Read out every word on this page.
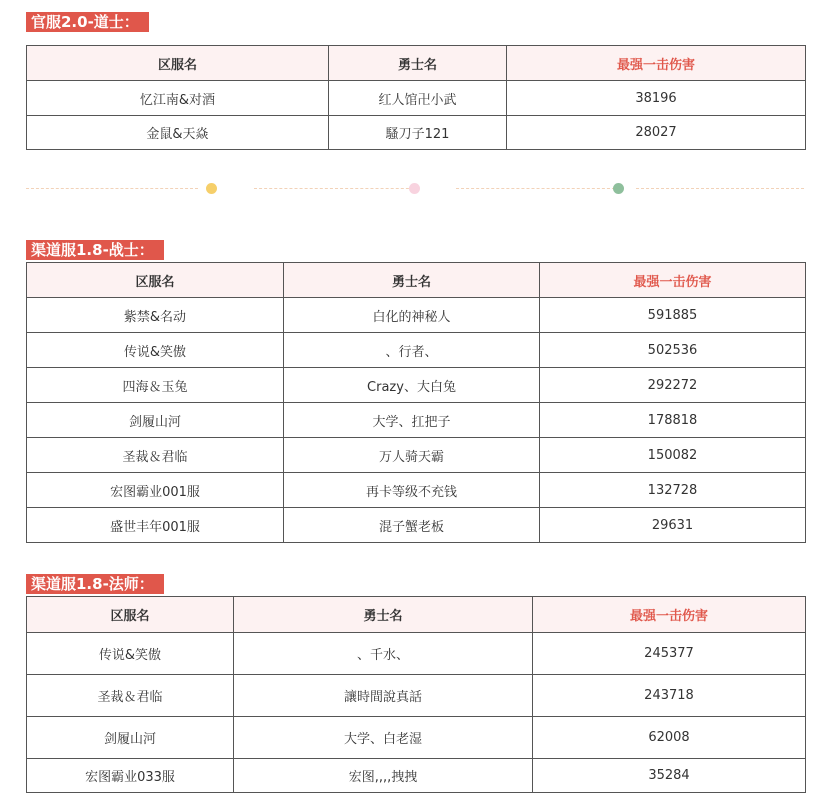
官服2.0-道士：
区服名	勇士名	最强一击伤害
忆江南&对酒	红人馆卍小武	38196
金鼠&天焱	騷刀子121	28027
渠道服1.8-战士：
区服名	勇士名	最强一击伤害
紫禁&名动	白化的神秘人	591885
传说&笑傲	、行者、	502536
四海＆玉兔	Crazy、大白兔	292272
剑履山河	大学、扛把子	178818
圣裁＆君临	万人骑天霸	150082
宏图霸业001服	再卡等级不充钱	132728
盛世丰年001服	混子蟹老板	29631
渠道服1.8-法师：
区服名	勇士名	最强一击伤害
传说&笑傲	、千水、	245377
圣裁＆君临	讓時間說真話	243718
剑履山河	大学、白老湿	62008
宏图霸业033服	宏图,,,,拽拽	35284
